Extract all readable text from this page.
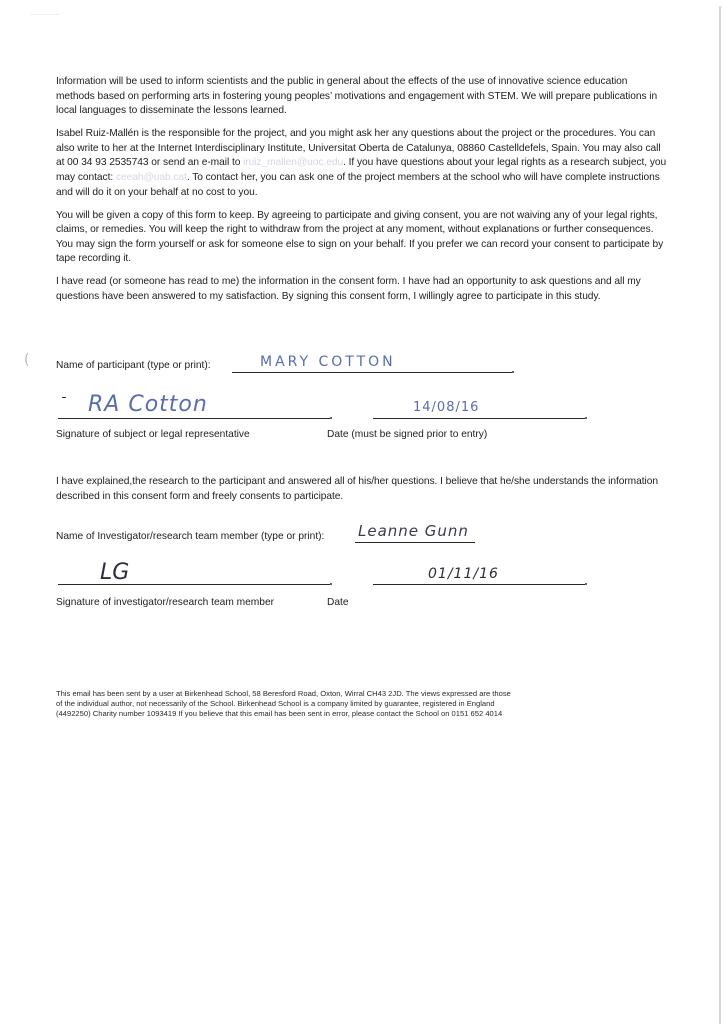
(

Information will be used to inform scientists and the public in general about the effects of the use of innovative science education methods based on performing arts in fostering young peoples’ motivations and engagement with STEM. We will prepare publications in local languages to disseminate the lessons learned.

Isabel Ruiz-Mallén is the responsible for the project, and you might ask her any questions about the project or the procedures. You can also write to her at the Internet Interdisciplinary Institute, Universitat Oberta de Catalunya, 08860 Castelldefels, Spain. You may also call at 00 34 93 2535743 or send an e-mail to iruiz_mallen@uoc.edu. If you have questions about your legal rights as a research subject, you may contact: ceeah@uab.cat. To contact her, you can ask one of the project members at the school who will have complete instructions and will do it on your behalf at no cost to you.

You will be given a copy of this form to keep. By agreeing to participate and giving consent, you are not waiving any of your legal rights, claims, or remedies. You will keep the right to withdraw from the project at any moment, without explanations or further consequences. You may sign the form yourself or ask for someone else to sign on your behalf. If you prefer we can record your consent to participate by tape recording it.

I have read (or someone has read to me) the information in the consent form. I have had an opportunity to ask questions and all my questions have been answered to my satisfaction. By signing this consent form, I willingly agree to participate in this study.

Name of participant (type or print):	MARY COTTON
RA Cotton
Signature of subject or legal representative
14/08/16
Date (must be signed prior to entry)

I have explained,the research to the participant and answered all of his/her questions. I believe that he/she understands the information described in this consent form and freely consents to participate.

Name of Investigator/research team member (type or print): Leanne Gunn
LG
Signature of investigator/research team member
01/11/16
Date

This email has been sent by a user at Birkenhead School, 58 Beresford Road, Oxton, Wirral CH43 2JD. The views expressed are those

of the individual author, not necessarily of the School. Birkenhead School is a company limited by guarantee, registered in England

(4492250) Charity number 1093419 If you believe that this email has been sent in error, please contact the School on 0151 652 4014
